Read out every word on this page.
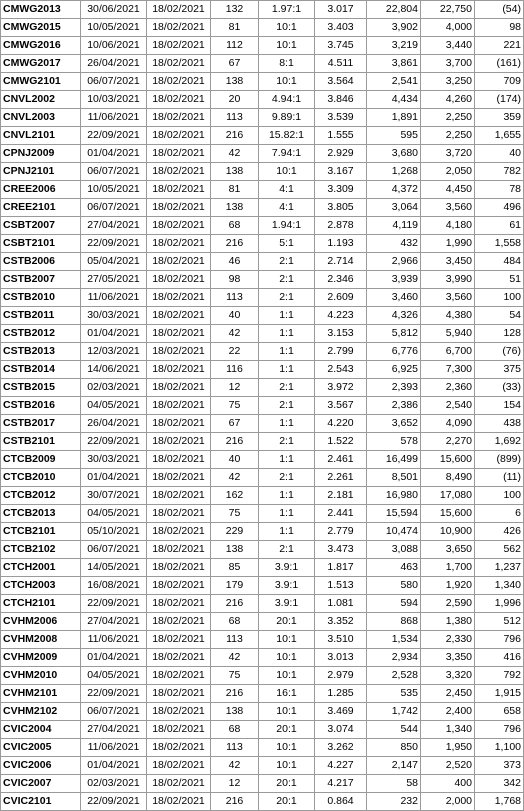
CMWG2013	30/06/2021	18/02/2021	132	1.97:1	3.017	22,804	22,750	(54)
CMWG2015	10/05/2021	18/02/2021	81	10:1	3.403	3,902	4,000	98
CMWG2016	10/06/2021	18/02/2021	112	10:1	3.745	3,219	3,440	221
CMWG2017	26/04/2021	18/02/2021	67	8:1	4.511	3,861	3,700	(161)
CMWG2101	06/07/2021	18/02/2021	138	10:1	3.564	2,541	3,250	709
CNVL2002	10/03/2021	18/02/2021	20	4.94:1	3.846	4,434	4,260	(174)
CNVL2003	11/06/2021	18/02/2021	113	9.89:1	3.539	1,891	2,250	359
CNVL2101	22/09/2021	18/02/2021	216	15.82:1	1.555	595	2,250	1,655
CPNJ2009	01/04/2021	18/02/2021	42	7.94:1	2.929	3,680	3,720	40
CPNJ2101	06/07/2021	18/02/2021	138	10:1	3.167	1,268	2,050	782
CREE2006	10/05/2021	18/02/2021	81	4:1	3.309	4,372	4,450	78
CREE2101	06/07/2021	18/02/2021	138	4:1	3.805	3,064	3,560	496
CSBT2007	27/04/2021	18/02/2021	68	1.94:1	2.878	4,119	4,180	61
CSBT2101	22/09/2021	18/02/2021	216	5:1	1.193	432	1,990	1,558
CSTB2006	05/04/2021	18/02/2021	46	2:1	2.714	2,966	3,450	484
CSTB2007	27/05/2021	18/02/2021	98	2:1	2.346	3,939	3,990	51
CSTB2010	11/06/2021	18/02/2021	113	2:1	2.609	3,460	3,560	100
CSTB2011	30/03/2021	18/02/2021	40	1:1	4.223	4,326	4,380	54
CSTB2012	01/04/2021	18/02/2021	42	1:1	3.153	5,812	5,940	128
CSTB2013	12/03/2021	18/02/2021	22	1:1	2.799	6,776	6,700	(76)
CSTB2014	14/06/2021	18/02/2021	116	1:1	2.543	6,925	7,300	375
CSTB2015	02/03/2021	18/02/2021	12	2:1	3.972	2,393	2,360	(33)
CSTB2016	04/05/2021	18/02/2021	75	2:1	3.567	2,386	2,540	154
CSTB2017	26/04/2021	18/02/2021	67	1:1	4.220	3,652	4,090	438
CSTB2101	22/09/2021	18/02/2021	216	2:1	1.522	578	2,270	1,692
CTCB2009	30/03/2021	18/02/2021	40	1:1	2.461	16,499	15,600	(899)
CTCB2010	01/04/2021	18/02/2021	42	2:1	2.261	8,501	8,490	(11)
CTCB2012	30/07/2021	18/02/2021	162	1:1	2.181	16,980	17,080	100
CTCB2013	04/05/2021	18/02/2021	75	1:1	2.441	15,594	15,600	6
CTCB2101	05/10/2021	18/02/2021	229	1:1	2.779	10,474	10,900	426
CTCB2102	06/07/2021	18/02/2021	138	2:1	3.473	3,088	3,650	562
CTCH2001	14/05/2021	18/02/2021	85	3.9:1	1.817	463	1,700	1,237
CTCH2003	16/08/2021	18/02/2021	179	3.9:1	1.513	580	1,920	1,340
CTCH2101	22/09/2021	18/02/2021	216	3.9:1	1.081	594	2,590	1,996
CVHM2006	27/04/2021	18/02/2021	68	20:1	3.352	868	1,380	512
CVHM2008	11/06/2021	18/02/2021	113	10:1	3.510	1,534	2,330	796
CVHM2009	01/04/2021	18/02/2021	42	10:1	3.013	2,934	3,350	416
CVHM2010	04/05/2021	18/02/2021	75	10:1	2.979	2,528	3,320	792
CVHM2101	22/09/2021	18/02/2021	216	16:1	1.285	535	2,450	1,915
CVHM2102	06/07/2021	18/02/2021	138	10:1	3.469	1,742	2,400	658
CVIC2004	27/04/2021	18/02/2021	68	20:1	3.074	544	1,340	796
CVIC2005	11/06/2021	18/02/2021	113	10:1	3.262	850	1,950	1,100
CVIC2006	01/04/2021	18/02/2021	42	10:1	4.227	2,147	2,520	373
CVIC2007	02/03/2021	18/02/2021	12	20:1	4.217	58	400	342
CVIC2101	22/09/2021	18/02/2021	216	20:1	0.864	232	2,000	1,768
